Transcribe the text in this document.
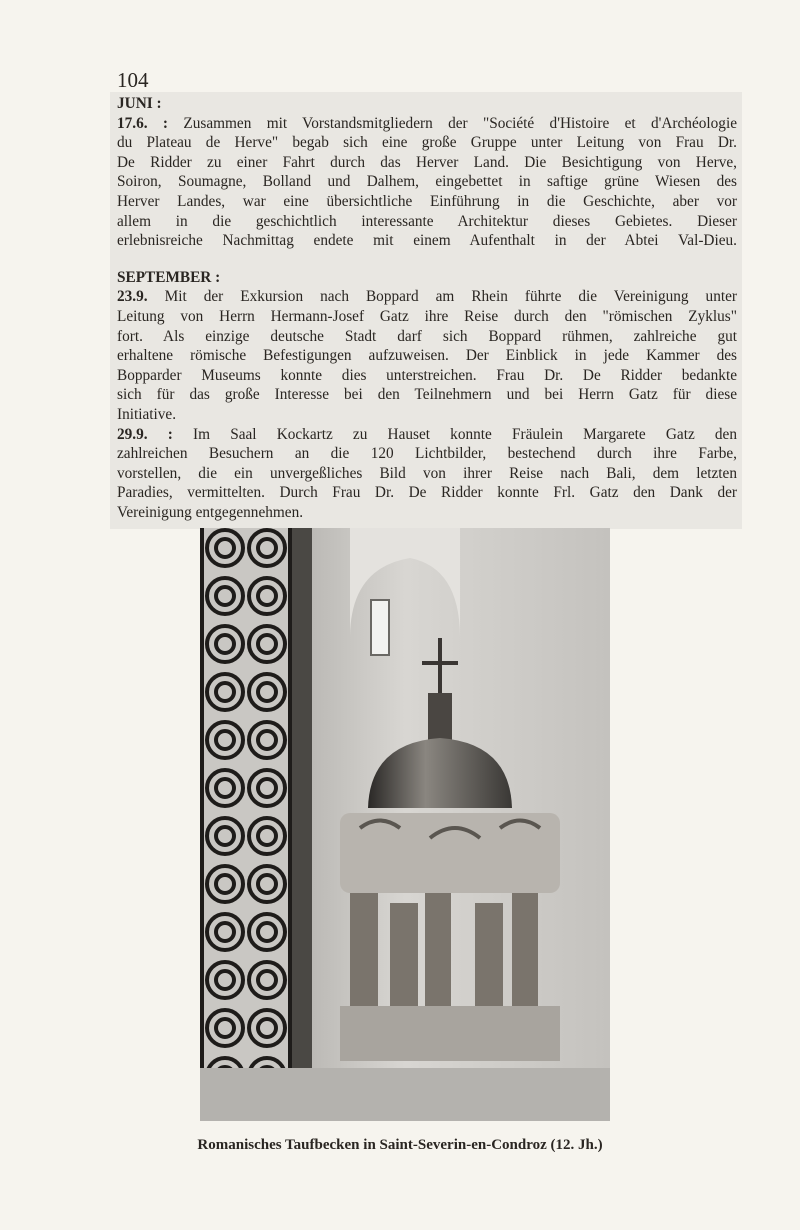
104
JUNI :
17.6. : Zusammen mit Vorstandsmitgliedern der "Société d'Histoire et d'Archéologie
du Plateau de Herve" begab sich eine große Gruppe unter Leitung von Frau Dr.
De Ridder zu einer Fahrt durch das Herver Land. Die Besichtigung von Herve,
Soiron, Soumagne, Bolland und Dalhem, eingebettet in saftige grüne Wiesen des
Herver Landes, war eine übersichtliche Einführung in die Geschichte, aber vor
allem in die geschichtlich interessante Architektur dieses Gebietes. Dieser
erlebnisreiche Nachmittag endete mit einem Aufenthalt in der Abtei Val-Dieu.
SEPTEMBER :
23.9. Mit der Exkursion nach Boppard am Rhein führte die Vereinigung unter
Leitung von Herrn Hermann-Josef Gatz ihre Reise durch den "römischen Zyklus"
fort. Als einzige deutsche Stadt darf sich Boppard rühmen, zahlreiche gut
erhaltene römische Befestigungen aufzuweisen. Der Einblick in jede Kammer des
Bopparder Museums konnte dies unterstreichen. Frau Dr. De Ridder bedankte
sich für das große Interesse bei den Teilnehmern und bei Herrn Gatz für diese
Initiative.
29.9. : Im Saal Kockartz zu Hauset konnte Fräulein Margarete Gatz den
zahlreichen Besuchern an die 120 Lichtbilder, bestechend durch ihre Farbe,
vorstellen, die ein unvergeßliches Bild von ihrer Reise nach Bali, dem letzten
Paradies, vermittelten. Durch Frau Dr. De Ridder konnte Frl. Gatz den Dank der
Vereinigung entgegennehmen.
Romanisches Taufbecken in Saint-Severin-en-Condroz (12. Jh.)
